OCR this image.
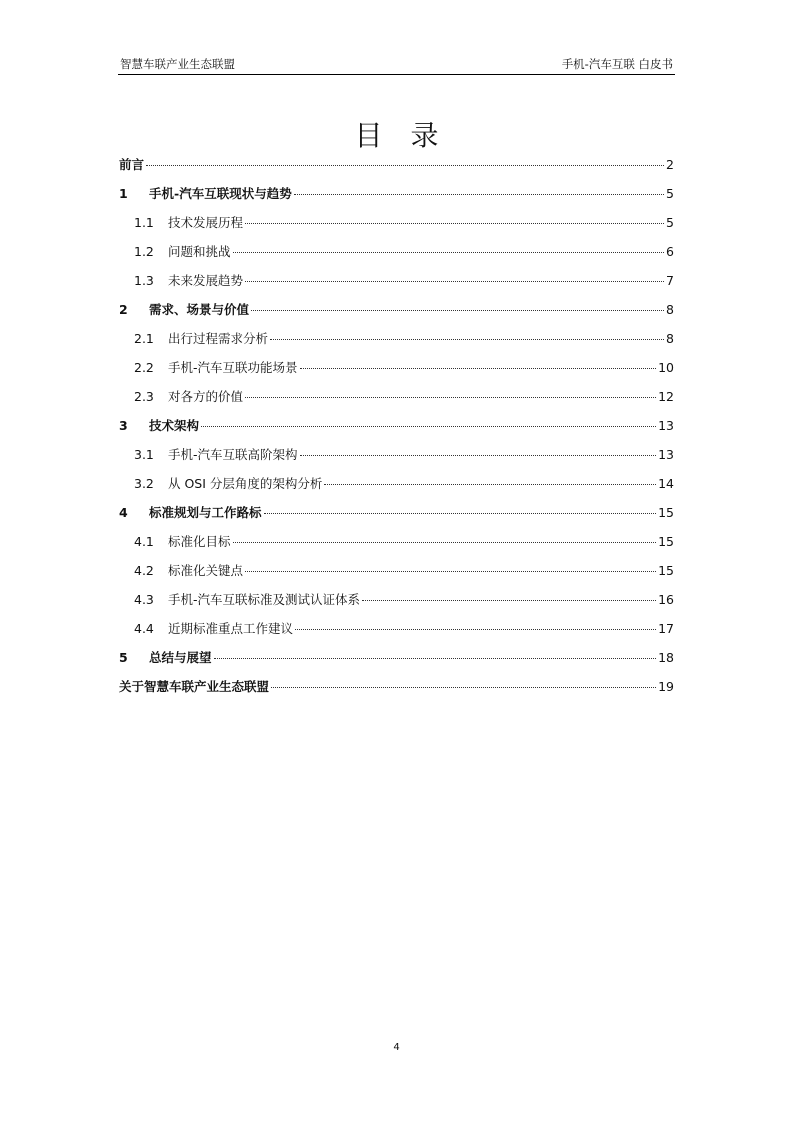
智慧车联产业生态联盟	手机-汽车互联 白皮书
目录
前言	2
1	手机-汽车互联现状与趋势	5
1.1	技术发展历程	5
1.2	问题和挑战	6
1.3	未来发展趋势	7
2	需求、场景与价值	8
2.1	出行过程需求分析	8
2.2	手机-汽车互联功能场景	10
2.3	对各方的价值	12
3	技术架构	13
3.1	手机-汽车互联高阶架构	13
3.2	从 OSI 分层角度的架构分析	14
4	标准规划与工作路标	15
4.1	标准化目标	15
4.2	标准化关键点	15
4.3	手机-汽车互联标准及测试认证体系	16
4.4	近期标准重点工作建议	17
5	总结与展望	18
关于智慧车联产业生态联盟	19
4
